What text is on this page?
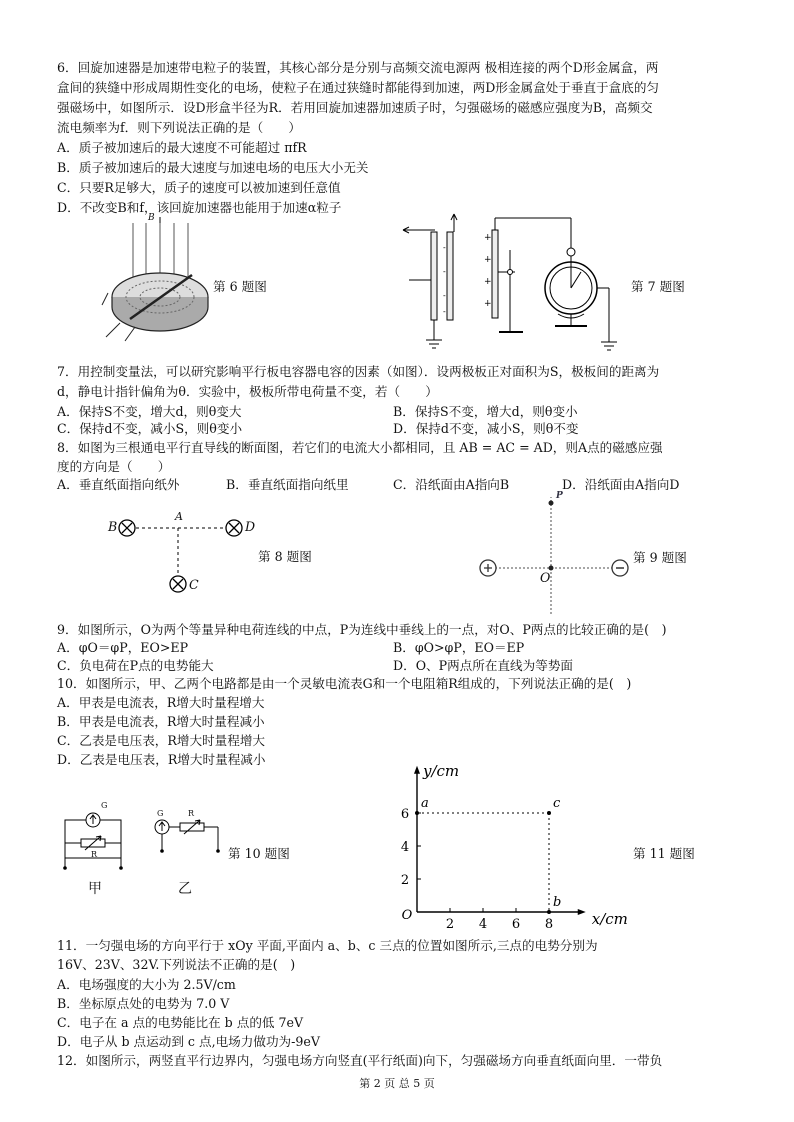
6．回旋加速器是加速带电粒子的装置，其核心部分是分别与高频交流电源两 极相连接的两个D形金属盒，两
盒间的狭缝中形成周期性变化的电场，使粒子在通过狭缝时都能得到加速，两D形金属盒处于垂直于盒底的匀
强磁场中，如图所示．设D形盒半径为R．若用回旋加速器加速质子时，匀强磁场的磁感应强度为B，高频交
流电频率为f．则下列说法正确的是（　　）
A．质子被加速后的最大速度不可能超过 πfR
B．质子被加速后的最大速度与加速电场的电压大小无关
C．只要R足够大，质子的速度可以被加速到任意值
D．不改变B和f，该回旋加速器也能用于加速α粒子
B
第 6 题图
-
-
-
-
+
+
+
+
第 7 题图
7．用控制变量法，可以研究影响平行板电容器电容的因素（如图）．设两极板正对面积为S，极板间的距离为
d，静电计指针偏角为θ．实验中，极板所带电荷量不变，若（　　）
A．保持S不变，增大d，则θ变大	B．保持S不变，增大d，则θ变小
C．保持d不变，减小S，则θ变小	D．保持d不变，减小S，则θ不变
8．如图为三根通电平行直导线的断面图，若它们的电流大小都相同，且 AB = AC = AD，则A点的磁感应强
度的方向是（　　）
A．垂直纸面指向纸外	B．垂直纸面指向纸里	C．沿纸面由A指向B	D．沿纸面由A指向D
B
A
D
C
第 8 题图
P
O
第 9 题图
9．如图所示，O为两个等量异种电荷连线的中点，P为连线中垂线上的一点，对O、P两点的比较正确的是(　)
A．φO＝φP，EO>EP	B．φO>φP，EO＝EP
C．负电荷在P点的电势能大	D．O、P两点所在直线为等势面
10．如图所示，甲、乙两个电路都是由一个灵敏电流表G和一个电阻箱R组成的，下列说法正确的是(　)
A．甲表是电流表，R增大时量程增大
B．甲表是电流表，R增大时量程减小
C．乙表是电压表，R增大时量程增大
D．乙表是电压表，R增大时量程减小
G
R
G	R
第 10 题图
甲	乙
2 4 6 8
2
4
6
O	x/cm
y/cm
a
b
c
第 11 题图
11．一匀强电场的方向平行于 xOy 平面,平面内 a、b、c 三点的位置如图所示,三点的电势分别为
16V、23V、32V.下列说法不正确的是(　)
A．电场强度的大小为 2.5V/cm
B．坐标原点处的电势为 7.0 V
C．电子在 a 点的电势能比在 b 点的低 7eV
D．电子从 b 点运动到 c 点,电场力做功为-9eV
12．如图所示，两竖直平行边界内，匀强电场方向竖直(平行纸面)向下，匀强磁场方向垂直纸面向里．一带负
第 2 页 总 5 页
